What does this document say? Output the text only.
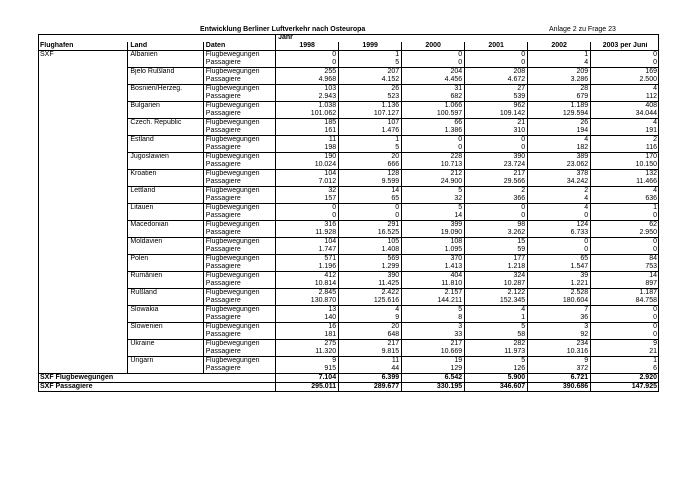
Entwicklung Berliner Luftverkehr nach Osteuropa	Anlage 2 zu Frage 23
			Jahr					
Flughafen	Land	Daten	1998	1999	2000	2001	2002	2003 per Juni
SXF	Albanien	Flugbewegungen	0	1	0	0	1	0
		Passagiere	0	5	0	0	4	0
	Bjelo Rußland	Flugbewegungen	255	207	204	208	209	169
		Passagiere	4.968	4.152	4.456	4.672	3.286	2.500
	Bosnien/Herzeg.	Flugbewegungen	103	26	31	27	28	4
		Passagiere	2.943	523	682	539	679	112
	Bulgarien	Flugbewegungen	1.038	1.136	1.066	962	1.189	408
		Passagiere	101.062	107.127	100.597	109.142	129.594	34.044
	Czech. Republic	Flugbewegungen	185	107	66	21	26	4
		Passagiere	161	1.476	1.386	310	194	191
	Estland	Flugbewegungen	11	1	0	0	4	2
		Passagiere	198	5	0	0	182	116
	Jugoslawien	Flugbewegungen	190	20	228	390	389	170
		Passagiere	10.024	666	10.713	23.724	23.062	10.150
	Kroatien	Flugbewegungen	104	128	212	217	378	132
		Passagiere	7.012	9.599	24.900	29.566	34.242	11.466
	Lettland	Flugbewegungen	32	14	5	2	2	4
		Passagiere	157	65	32	366	4	636
	Litauen	Flugbewegungen	0	0	5	0	4	1
		Passagiere	0	0	14	0	0	0
	Macedonian	Flugbewegungen	316	291	399	98	124	62
		Passagiere	11.928	16.525	19.090	3.262	6.733	2.950
	Moldavien	Flugbewegungen	104	105	108	15	0	0
		Passagiere	1.747	1.408	1.095	59	0	0
	Polen	Flugbewegungen	571	569	370	177	65	84
		Passagiere	1.196	1.299	1.413	1.218	1.547	753
	Rumänien	Flugbewegungen	412	390	404	324	39	14
		Passagiere	10.814	11.425	11.810	10.287	1.221	897
	Rußland	Flugbewegungen	2.845	2.422	2.157	2.122	2.528	1.187
		Passagiere	130.870	125.616	144.211	152.345	180.604	84.758
	Slowakia	Flugbewegungen	13	4	5	4	7	0
		Passagiere	140	9	8	1	36	0
	Slowenien	Flugbewegungen	16	20	3	5	3	0
		Passagiere	181	648	33	58	92	0
	Ukraine	Flugbewegungen	275	217	217	282	234	9
		Passagiere	11.320	9.815	10.669	11.973	10.316	21
	Ungarn	Flugbewegungen	9	11	19	5	9	1
		Passagiere	915	44	129	126	372	6
SXF Flugbewegungen			7.104	6.399	6.542	5.900	6.721	2.920
SXF Passagiere			295.011	289.677	330.195	346.607	390.686	147.925
